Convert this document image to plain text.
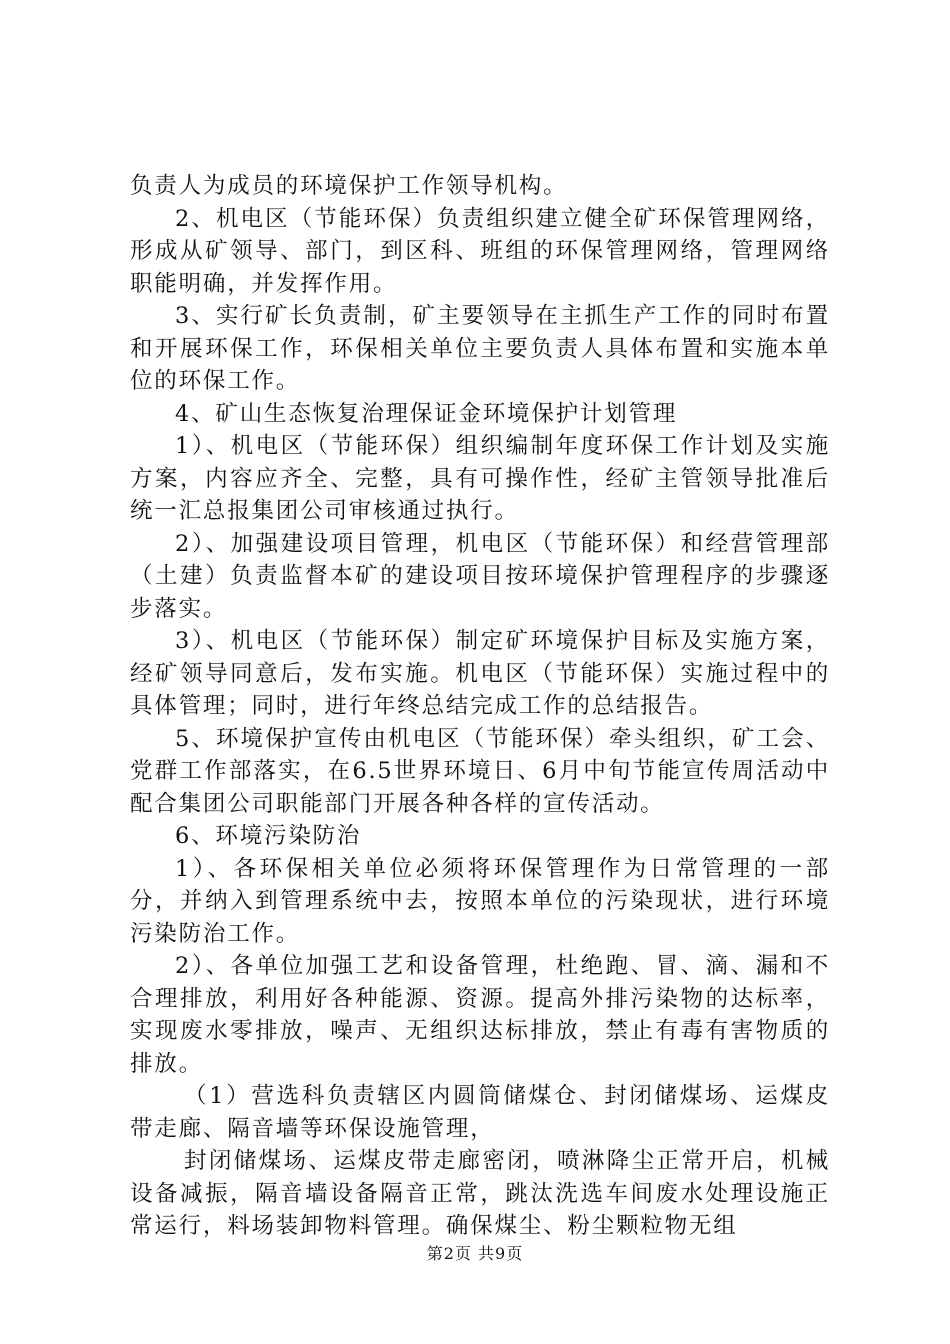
负责人为成员的环境保护工作领导机构。

2、机电区（节能环保）负责组织建立健全矿环保管理网络，形成从矿领导、部门，到区科、班组的环保管理网络，管理网络职能明确，并发挥作用。

3、实行矿长负责制，矿主要领导在主抓生产工作的同时布置和开展环保工作，环保相关单位主要负责人具体布置和实施本单位的环保工作。

4、矿山生态恢复治理保证金环境保护计划管理

1）、机电区（节能环保）组织编制年度环保工作计划及实施方案，内容应齐全、完整，具有可操作性，经矿主管领导批准后统一汇总报集团公司审核通过执行。

2）、加强建设项目管理，机电区（节能环保）和经营管理部（土建）负责监督本矿的建设项目按环境保护管理程序的步骤逐步落实。

3）、机电区（节能环保）制定矿环境保护目标及实施方案，经矿领导同意后，发布实施。机电区（节能环保）实施过程中的具体管理；同时，进行年终总结完成工作的总结报告。

5、环境保护宣传由机电区（节能环保）牵头组织，矿工会、党群工作部落实，在6.5世界环境日、6月中旬节能宣传周活动中配合集团公司职能部门开展各种各样的宣传活动。

6、环境污染防治

1）、各环保相关单位必须将环保管理作为日常管理的一部分，并纳入到管理系统中去，按照本单位的污染现状，进行环境污染防治工作。

2）、各单位加强工艺和设备管理，杜绝跑、冒、滴、漏和不合理排放，利用好各种能源、资源。提高外排污染物的达标率，实现废水零排放，噪声、无组织达标排放，禁止有毒有害物质的排放。

（1）营选科负责辖区内圆筒储煤仓、封闭储煤场、运煤皮带走廊、隔音墙等环保设施管理，

封闭储煤场、运煤皮带走廊密闭，喷淋降尘正常开启，机械设备减振，隔音墙设备隔音正常，跳汰洗选车间废水处理设施正常运行，料场装卸物料管理。确保煤尘、粉尘颗粒物无组

第2页 共9页
